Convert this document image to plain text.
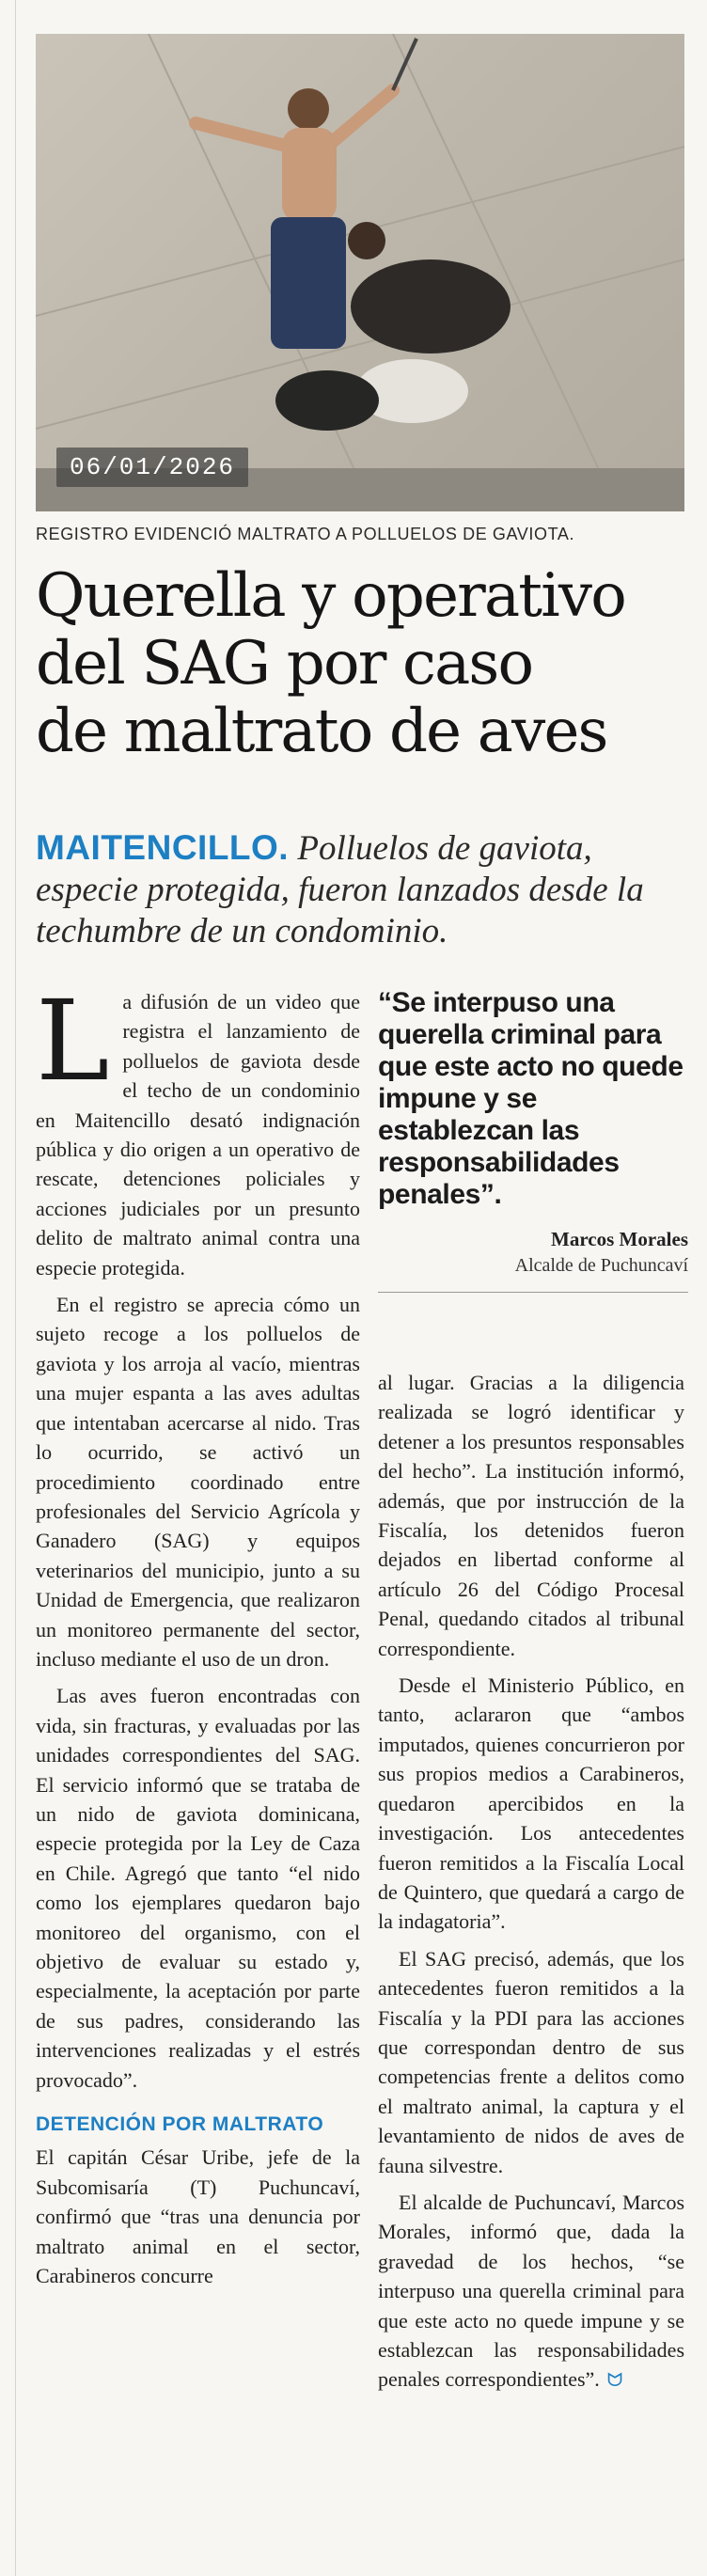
06/01/2026
REGISTRO EVIDENCIÓ MALTRATO A POLLUELOS DE GAVIOTA.
Querella y operativo
del SAG por caso
de maltrato de aves
MAITENCILLO. Polluelos de gaviota, especie protegida, fueron lanzados desde la techumbre de un condominio.

La difusión de un video que registra el lanzamiento de polluelos de gaviota desde el techo de un condominio en Maitencillo desató indignación pública y dio origen a un operativo de rescate, detenciones policiales y acciones judiciales por un presunto delito de maltrato animal contra una especie protegida.

En el registro se aprecia cómo un sujeto recoge a los polluelos de gaviota y los arroja al vacío, mientras una mujer espanta a las aves adultas que intentaban acercarse al nido. Tras lo ocurrido, se activó un procedimiento coordinado entre profesionales del Servicio Agrícola y Ganadero (SAG) y equipos veterinarios del municipio, junto a su Unidad de Emergencia, que realizaron un monitoreo permanente del sector, incluso mediante el uso de un dron.

Las aves fueron encontradas con vida, sin fracturas, y evaluadas por las unidades correspondientes del SAG. El servicio informó que se trataba de un nido de gaviota dominicana, especie protegida por la Ley de Caza en Chile. Agregó que tanto “el nido como los ejemplares quedaron bajo monitoreo del organismo, con el objetivo de evaluar su estado y, especialmente, la aceptación por parte de sus padres, considerando las intervenciones realizadas y el estrés provocado”.

DETENCIÓN POR MALTRATO

El capitán César Uribe, jefe de la Subcomisaría (T) Puchuncaví, confirmó que “tras una denuncia por maltrato animal en el sector, Carabineros concurre

“Se interpuso una querella criminal para que este acto no quede impune y se establezcan las responsabilidades penales”.
Marcos Morales
Alcalde de Puchuncaví

al lugar. Gracias a la diligencia realizada se logró identificar y detener a los presuntos responsables del hecho”. La institución informó, además, que por instrucción de la Fiscalía, los detenidos fueron dejados en libertad conforme al artículo 26 del Código Procesal Penal, quedando citados al tribunal correspondiente.

Desde el Ministerio Público, en tanto, aclararon que “ambos imputados, quienes concurrieron por sus propios medios a Carabineros, quedaron apercibidos en la investigación. Los antecedentes fueron remitidos a la Fiscalía Local de Quintero, que quedará a cargo de la indagatoria”.

El SAG precisó, además, que los antecedentes fueron remitidos a la Fiscalía y la PDI para las acciones que correspondan dentro de sus competencias frente a delitos como el maltrato animal, la captura y el levantamiento de nidos de aves de fauna silvestre.

El alcalde de Puchuncaví, Marcos Morales, informó que, dada la gravedad de los hechos, “se interpuso una querella criminal para que este acto no quede impune y se establezcan las responsabilidades penales correspondientes”. ᗢ
